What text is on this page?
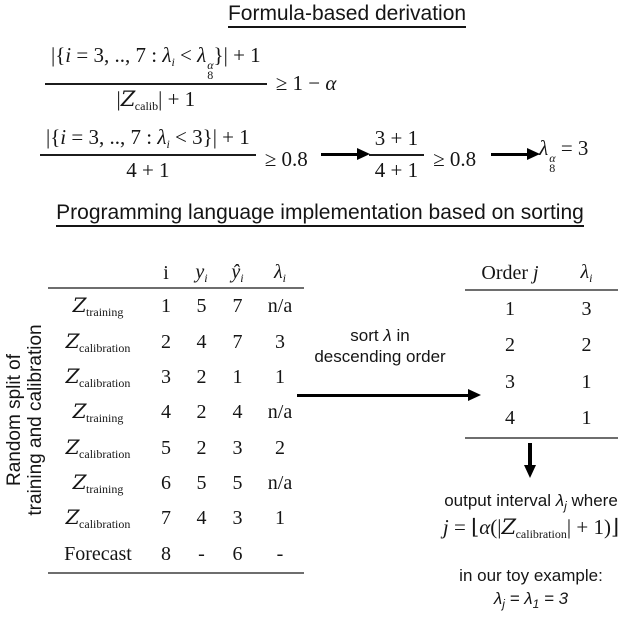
Formula-based derivation
|{i = 3, .., 7 : λi < λ α
8
}| + 1
|Zcalib| + 1 ≥ 1 − α
$\frac{|\{i = 3, .., 7 : \lambda i < 3\}| + 1}{4 + 1} \ge 0.8$	$\frac{3 + 1}{4 + 1} \ge 0.8$	λ α
8
= 3
Programming language implementation based on sorting
Random split of training and calibration
i $y_i$ $ŷ_i$ $\lambda_i$
$Z_{training}$ 1 5 7 n/a
$Z_{calibration}$ 2 4 7 3
$Z_{calibration}$ 3 2 1 1
$Z_{training}$ 4 2 4 n/a
$Z_{calibration}$ 5 2 3 2
$Z_{training}$ 6 5 5 n/a
$Z_{calibration}$ 7 4 3 1
Forecast 8 - 6 -
sort λ in
descending order
Order j $\lambda_i$
1	3
2	2
3	1
4	1
output interval $\lambda_j$ where
j = ⌊α(|Zcalibration| + 1)⌋
in our toy example:
$\lambda_j = \lambda_1 = 3$
